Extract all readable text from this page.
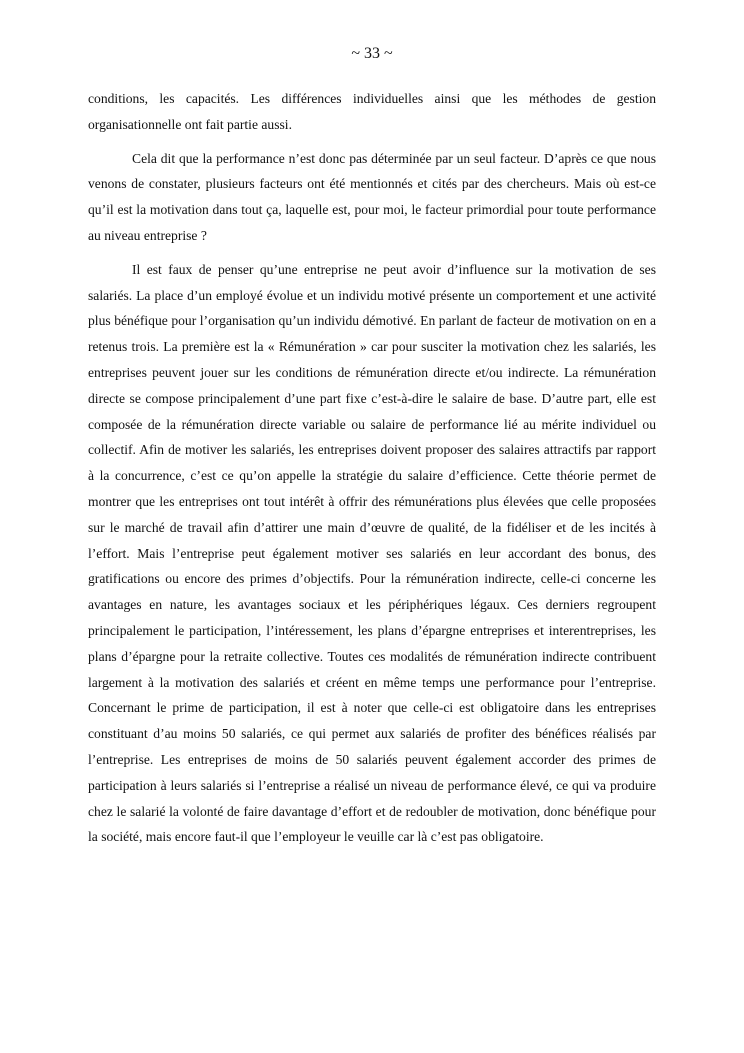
~ 33 ~

conditions, les capacités. Les différences individuelles ainsi que les méthodes de gestion organisationnelle ont fait partie aussi.

Cela dit que la performance n’est donc pas déterminée par un seul facteur. D’après ce que nous venons de constater, plusieurs facteurs ont été mentionnés et cités par des chercheurs. Mais où est-ce qu’il est la motivation dans tout ça, laquelle est, pour moi, le facteur primordial pour toute performance au niveau entreprise ?

Il est faux de penser qu’une entreprise ne peut avoir d’influence sur la motivation de ses salariés. La place d’un employé évolue et un individu motivé présente un comportement et une activité plus bénéfique pour l’organisation qu’un individu démotivé. En parlant de facteur de motivation on en a retenus trois. La première est la « Rémunération » car pour susciter la motivation chez les salariés, les entreprises peuvent jouer sur les conditions de rémunération directe et/ou indirecte. La rémunération directe se compose principalement d’une part fixe c’est-à-dire le salaire de base. D’autre part, elle est composée de la rémunération directe variable ou salaire de performance lié au mérite individuel ou collectif. Afin de motiver les salariés, les entreprises doivent proposer des salaires attractifs par rapport à la concurrence, c’est ce qu’on appelle la stratégie du salaire d’efficience. Cette théorie permet de montrer que les entreprises ont tout intérêt à offrir des rémunérations plus élevées que celle proposées sur le marché de travail afin d’attirer une main d’œuvre de qualité, de la fidéliser et de les incités à l’effort. Mais l’entreprise peut également motiver ses salariés en leur accordant des bonus, des gratifications ou encore des primes d’objectifs. Pour la rémunération indirecte, celle-ci concerne les avantages en nature, les avantages sociaux et les périphériques légaux. Ces derniers regroupent principalement le participation, l’intéressement, les plans d’épargne entreprises et interentreprises, les plans d’épargne pour la retraite collective. Toutes ces modalités de rémunération indirecte contribuent largement à la motivation des salariés et créent en même temps une performance pour l’entreprise. Concernant le prime de participation, il est à noter que celle-ci est obligatoire dans les entreprises constituant d’au moins 50 salariés, ce qui permet aux salariés de profiter des bénéfices réalisés par l’entreprise. Les entreprises de moins de 50 salariés peuvent également accorder des primes de participation à leurs salariés si l’entreprise a réalisé un niveau de performance élevé, ce qui va produire chez le salarié la volonté de faire davantage d’effort et de redoubler de motivation, donc bénéfique pour la société, mais encore faut-il que l’employeur le veuille car là c’est pas obligatoire.
